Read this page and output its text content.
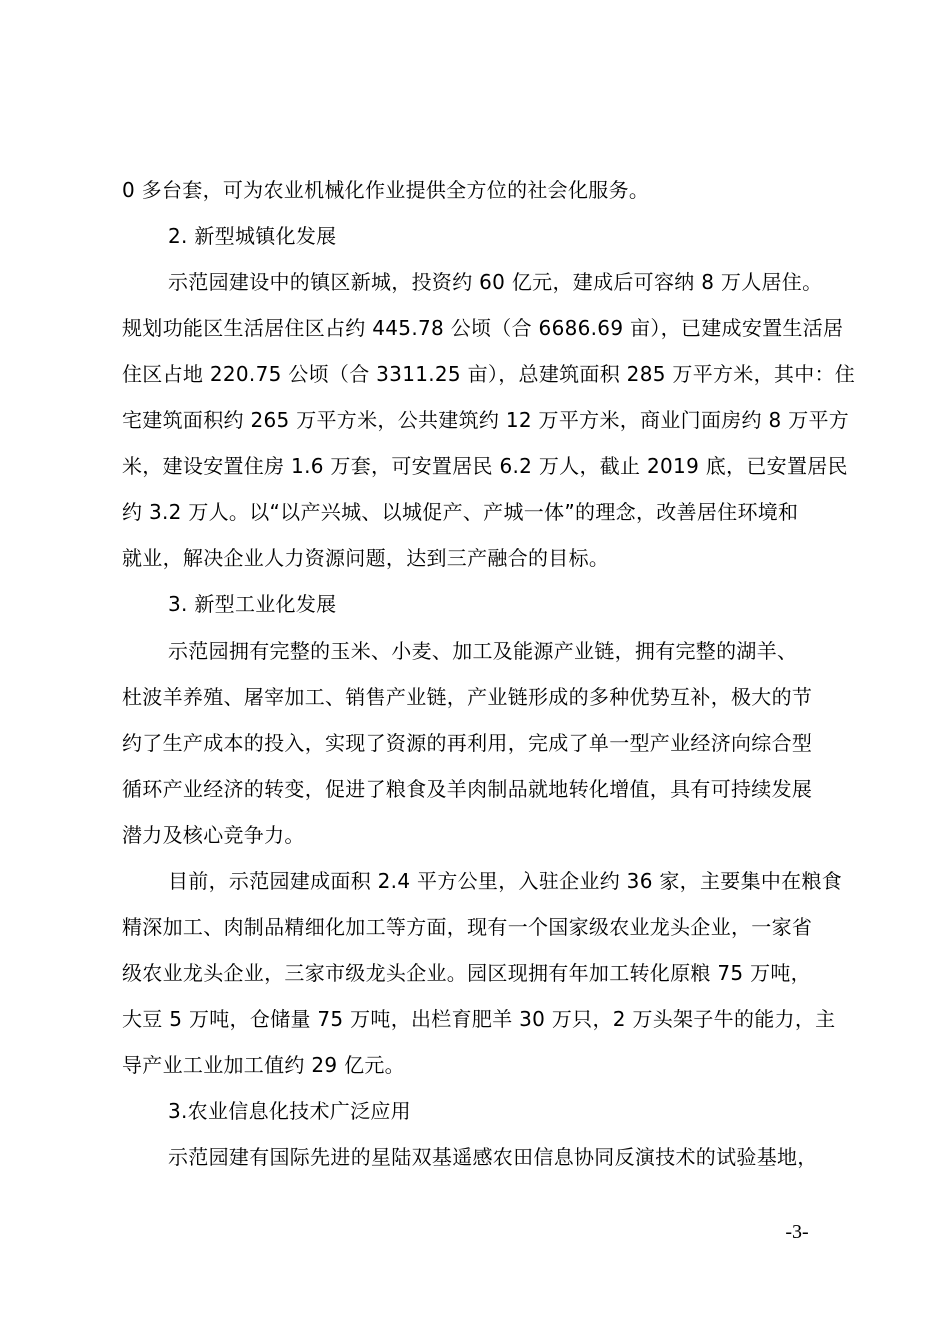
0 多台套，可为农业机械化作业提供全方位的社会化服务。
2. 新型城镇化发展
示范园建设中的镇区新城，投资约 60 亿元，建成后可容纳 8 万人居住。
规划功能区生活居住区占约 445.78 公顷（合 6686.69 亩），已建成安置生活居
住区占地 220.75 公顷（合 3311.25 亩），总建筑面积 285 万平方米，其中：住
宅建筑面积约 265 万平方米，公共建筑约 12 万平方米，商业门面房约 8 万平方
米，建设安置住房 1.6 万套，可安置居民 6.2 万人，截止 2019 底，已安置居民
约 3.2 万人。以“以产兴城、以城促产、产城一体”的理念，改善居住环境和
就业，解决企业人力资源问题，达到三产融合的目标。
3. 新型工业化发展
示范园拥有完整的玉米、小麦、加工及能源产业链，拥有完整的湖羊、
杜波羊养殖、屠宰加工、销售产业链，产业链形成的多种优势互补，极大的节
约了生产成本的投入，实现了资源的再利用，完成了单一型产业经济向综合型
循环产业经济的转变，促进了粮食及羊肉制品就地转化增值，具有可持续发展
潜力及核心竞争力。
目前，示范园建成面积 2.4 平方公里，入驻企业约 36 家，主要集中在粮食
精深加工、肉制品精细化加工等方面，现有一个国家级农业龙头企业，一家省
级农业龙头企业，三家市级龙头企业。园区现拥有年加工转化原粮 75 万吨，
大豆 5 万吨，仓储量 75 万吨，出栏育肥羊 30 万只，2 万头架子牛的能力，主
导产业工业加工值约 29 亿元。
3.农业信息化技术广泛应用
示范园建有国际先进的星陆双基遥感农田信息协同反演技术的试验基地，
-3-
